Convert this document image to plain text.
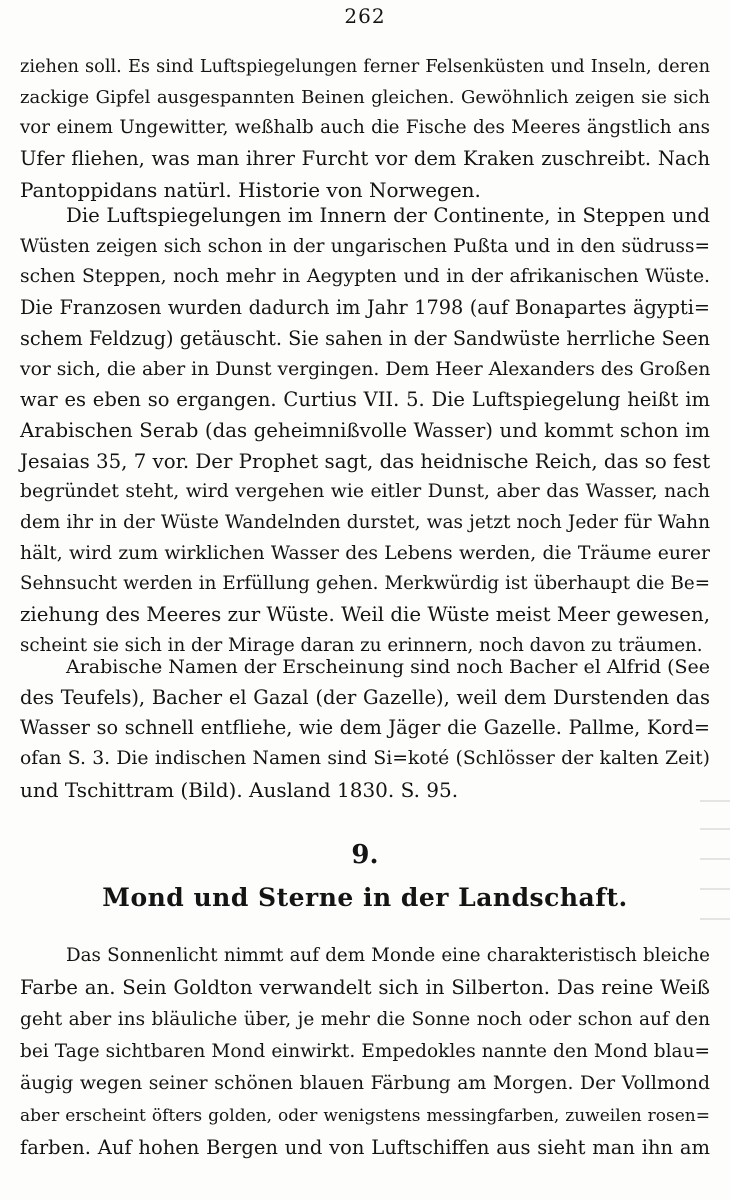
262

ziehen soll. Es sind Luftspiegelungen ferner Felsenküsten und Inseln, deren
zackige Gipfel ausgespannten Beinen gleichen. Gewöhnlich zeigen sie sich
vor einem Ungewitter, weßhalb auch die Fische des Meeres ängstlich ans
Ufer fliehen, was man ihrer Furcht vor dem Kraken zuschreibt. Nach
Pantoppidans natürl. Historie von Norwegen.

Die Luftspiegelungen im Innern der Continente, in Steppen und
Wüsten zeigen sich schon in der ungarischen Pußta und in den südruss=
schen Steppen, noch mehr in Aegypten und in der afrikanischen Wüste.
Die Franzosen wurden dadurch im Jahr 1798 (auf Bonapartes ägypti=
schem Feldzug) getäuscht. Sie sahen in der Sandwüste herrliche Seen
vor sich, die aber in Dunst vergingen. Dem Heer Alexanders des Großen
war es eben so ergangen. Curtius VII. 5. Die Luftspiegelung heißt im
Arabischen Serab (das geheimnißvolle Wasser) und kommt schon im
Jesaias 35, 7 vor. Der Prophet sagt, das heidnische Reich, das so fest
begründet steht, wird vergehen wie eitler Dunst, aber das Wasser, nach
dem ihr in der Wüste Wandelnden durstet, was jetzt noch Jeder für Wahn
hält, wird zum wirklichen Wasser des Lebens werden, die Träume eurer
Sehnsucht werden in Erfüllung gehen. Merkwürdig ist überhaupt die Be=
ziehung des Meeres zur Wüste. Weil die Wüste meist Meer gewesen,
scheint sie sich in der Mirage daran zu erinnern, noch davon zu träumen.

Arabische Namen der Erscheinung sind noch Bacher el Alfrid (See
des Teufels), Bacher el Gazal (der Gazelle), weil dem Durstenden das
Wasser so schnell entfliehe, wie dem Jäger die Gazelle. Pallme, Kord=
ofan S. 3. Die indischen Namen sind Si=koté (Schlösser der kalten Zeit)
und Tschittram (Bild). Ausland 1830. S. 95.

9.
Mond und Sterne in der Landschaft.

Das Sonnenlicht nimmt auf dem Monde eine charakteristisch bleiche
Farbe an. Sein Goldton verwandelt sich in Silberton. Das reine Weiß
geht aber ins bläuliche über, je mehr die Sonne noch oder schon auf den
bei Tage sichtbaren Mond einwirkt. Empedokles nannte den Mond blau=
äugig wegen seiner schönen blauen Färbung am Morgen. Der Vollmond
aber erscheint öfters golden, oder wenigstens messingfarben, zuweilen rosen=
farben. Auf hohen Bergen und von Luftschiffen aus sieht man ihn am
